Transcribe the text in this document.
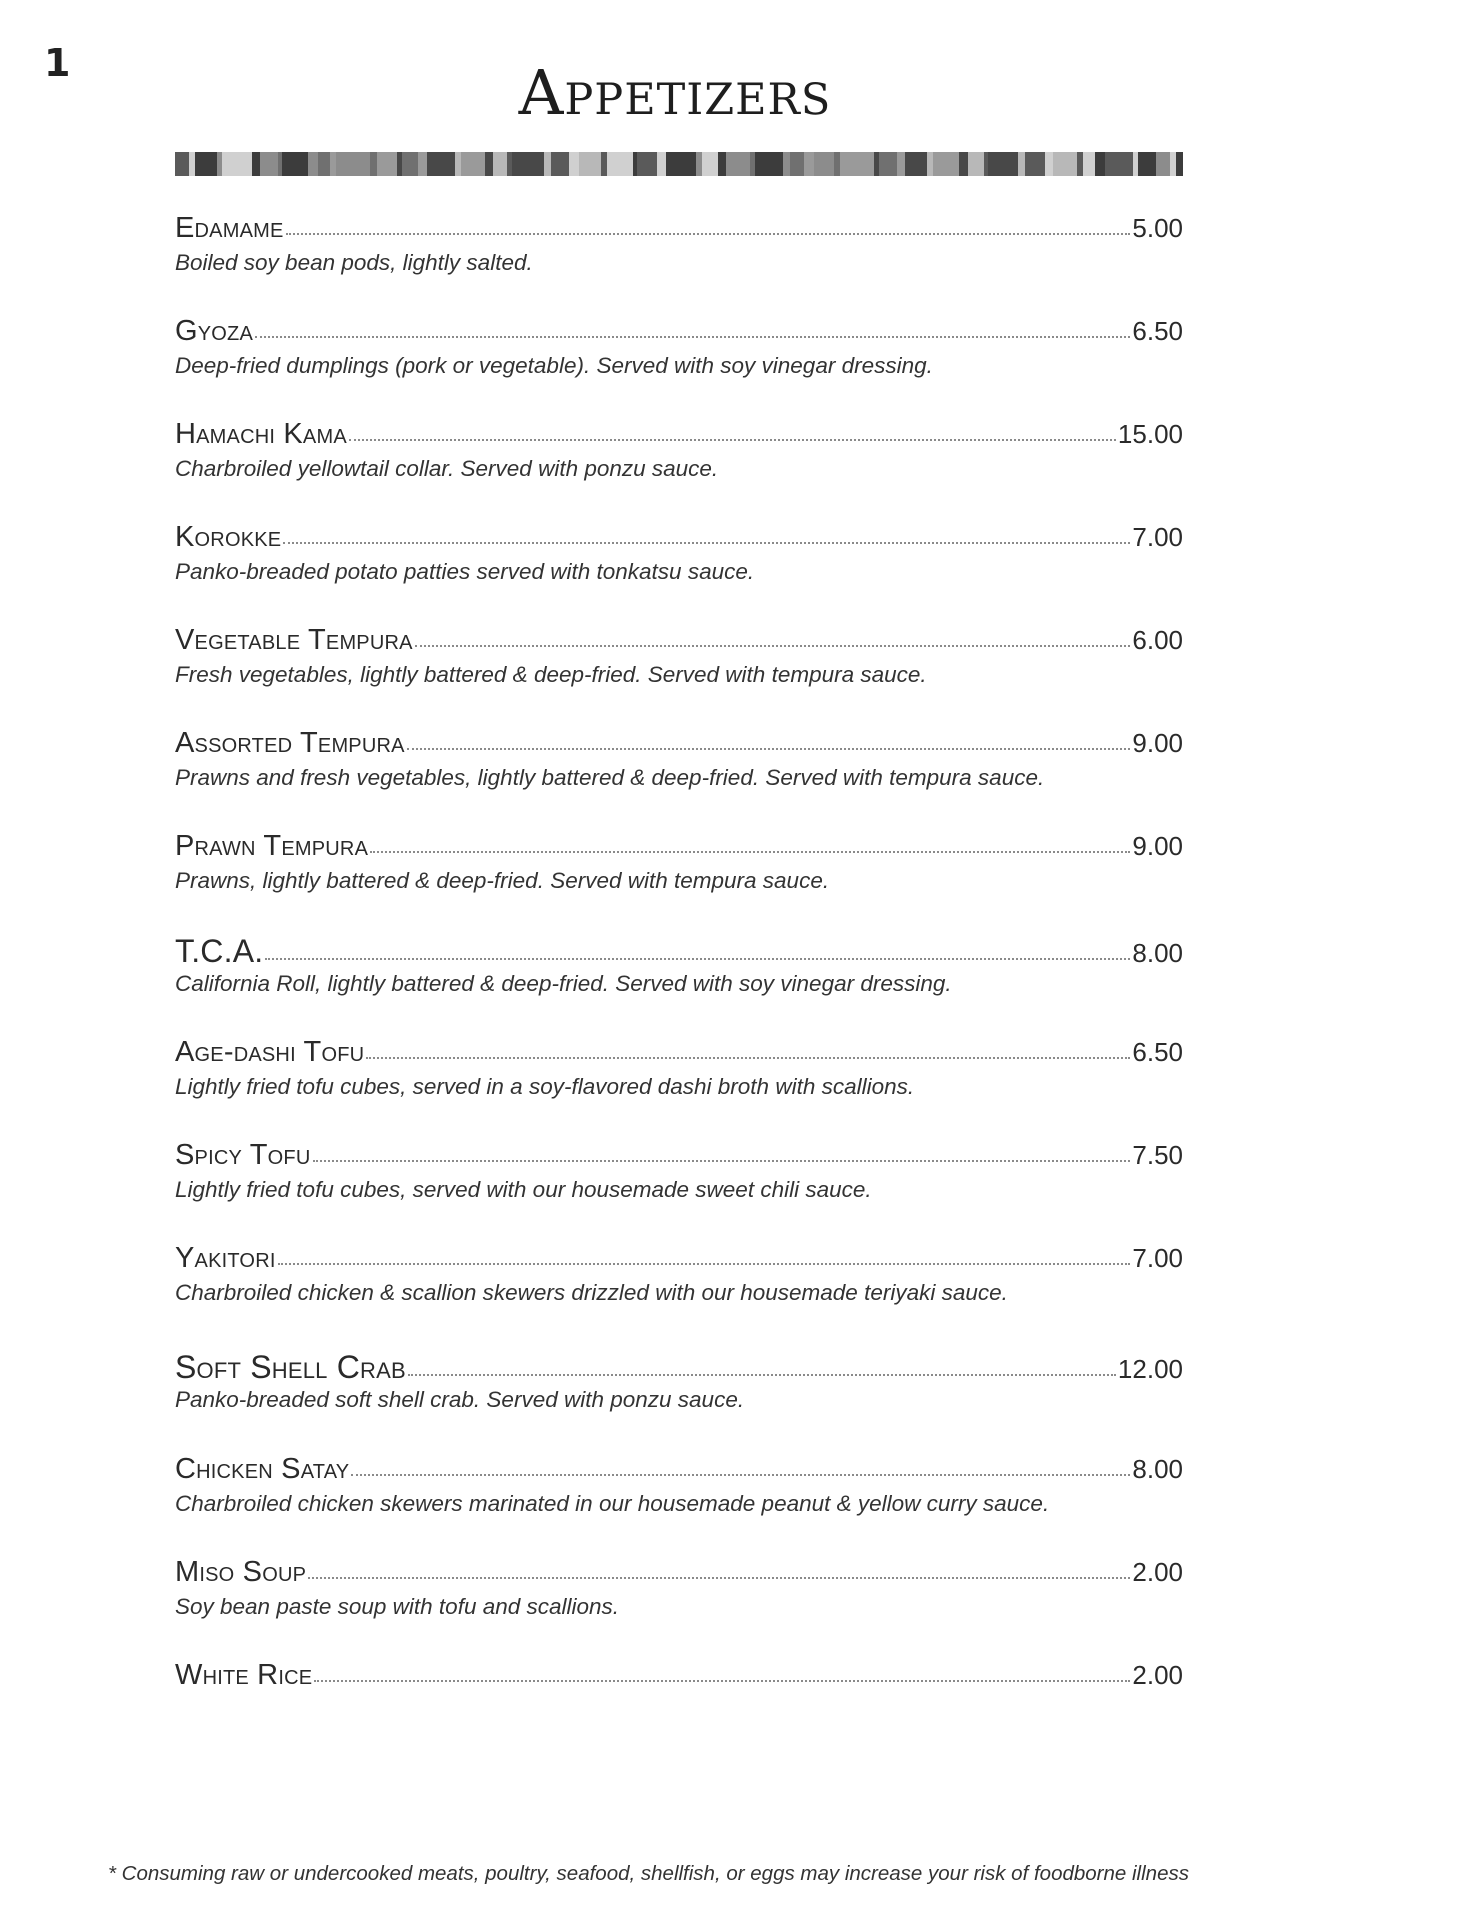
1	Appetizers
Edamame	5.00
Boiled soy bean pods, lightly salted.
Gyoza	6.50
Deep-fried dumplings (pork or vegetable). Served with soy vinegar dressing.
Hamachi Kama	15.00
Charbroiled yellowtail collar. Served with ponzu sauce.
Korokke	7.00
Panko-breaded potato patties served with tonkatsu sauce.
Vegetable Tempura	6.00
Fresh vegetables, lightly battered & deep-fried. Served with tempura sauce.
Assorted Tempura	9.00
Prawns and fresh vegetables, lightly battered & deep-fried. Served with tempura sauce.
Prawn Tempura	9.00
Prawns, lightly battered & deep-fried. Served with tempura sauce.
T.C.A.	8.00
California Roll, lightly battered & deep-fried. Served with soy vinegar dressing.
Age-dashi Tofu	6.50
Lightly fried tofu cubes, served in a soy-flavored dashi broth with scallions.
Spicy Tofu	7.50
Lightly fried tofu cubes, served with our housemade sweet chili sauce.
Yakitori	7.00
Charbroiled chicken & scallion skewers drizzled with our housemade teriyaki sauce.
Soft Shell Crab	12.00
Panko-breaded soft shell crab. Served with ponzu sauce.
Chicken Satay	8.00
Charbroiled chicken skewers marinated in our housemade peanut & yellow curry sauce.
Miso Soup	2.00
Soy bean paste soup with tofu and scallions.
White Rice	2.00
* Consuming raw or undercooked meats, poultry, seafood, shellfish, or eggs may increase your risk of foodborne illness
